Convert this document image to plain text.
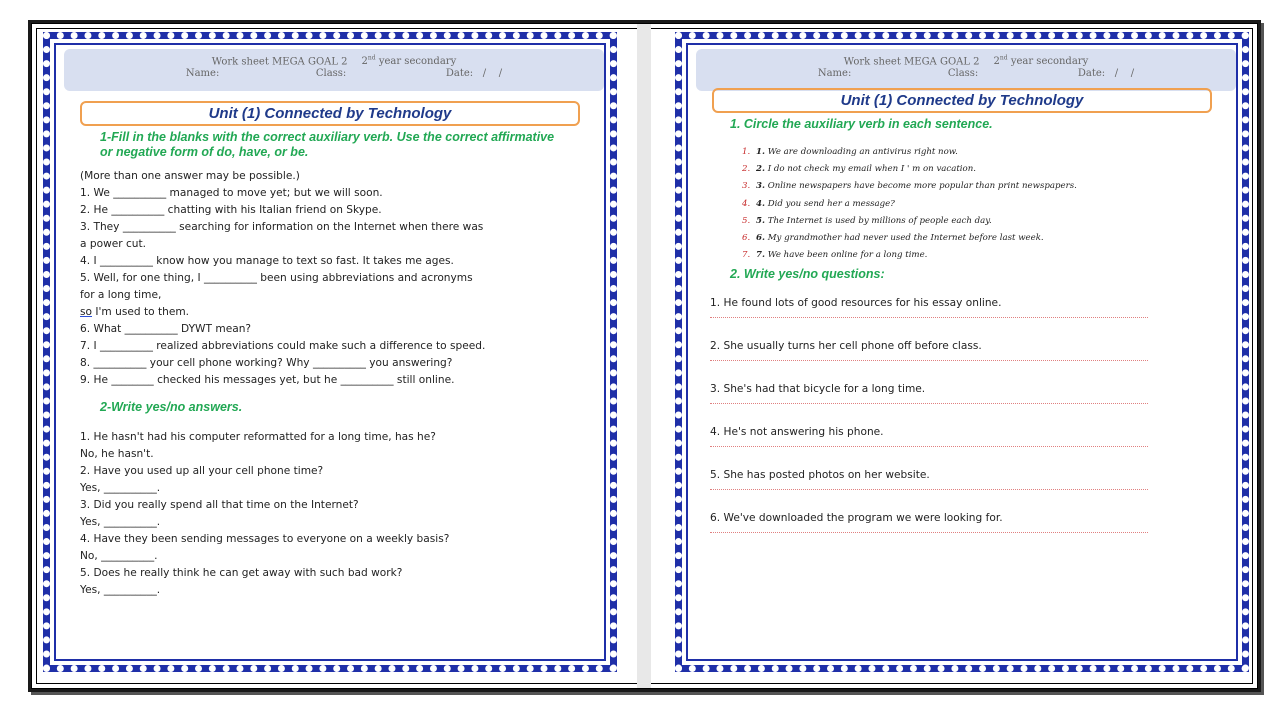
Work sheet MEGA GOAL 2 2nd year secondary
Name:	Class:	Date: /    /
Unit (1) Connected by Technology
1-Fill in the blanks with the correct auxiliary verb. Use the correct affirmative or negative form of do, have, or be.
(More than one answer may be possible.)
1. We __________ managed to move yet; but we will soon.
2. He __________ chatting with his Italian friend on Skype.
3. They __________ searching for information on the Internet when there was
a power cut.
4. I __________ know how you manage to text so fast. It takes me ages.
5. Well, for one thing, I __________ been using abbreviations and acronyms
for a long time,
so I'm used to them.
6. What __________ DYWT mean?
7. I __________ realized abbreviations could make such a difference to speed.
8. __________ your cell phone working? Why __________ you answering?
9. He ________ checked his messages yet, but he __________ still online.
2-Write yes/no answers.
1. He hasn't had his computer reformatted for a long time, has he?
No, he hasn't.
2. Have you used up all your cell phone time?
Yes, __________.
3. Did you really spend all that time on the Internet?
Yes, __________.
4. Have they been sending messages to everyone on a weekly basis?
No, __________.
5. Does he really think he can get away with such bad work?
Yes, __________.
Work sheet MEGA GOAL 2 2nd year secondary
Name:	Class:	Date: /    /
Unit (1) Connected by Technology
1. Circle the auxiliary verb in each sentence.
1. 1. We are downloading an antivirus right now.
2. 2. I do not check my email when I ' m on vacation.
3. 3. Online newspapers have become more popular than print newspapers.
4. 4. Did you send her a message?
5. 5. The Internet is used by millions of people each day.
6. 6. My grandmother had never used the Internet before last week.
7. 7. We have been online for a long time.
2. Write yes/no questions:
1. He found lots of good resources for his essay online.
2. She usually turns her cell phone off before class.
3. She's had that bicycle for a long time.
4. He's not answering his phone.
5. She has posted photos on her website.
6. We've downloaded the program we were looking for.
